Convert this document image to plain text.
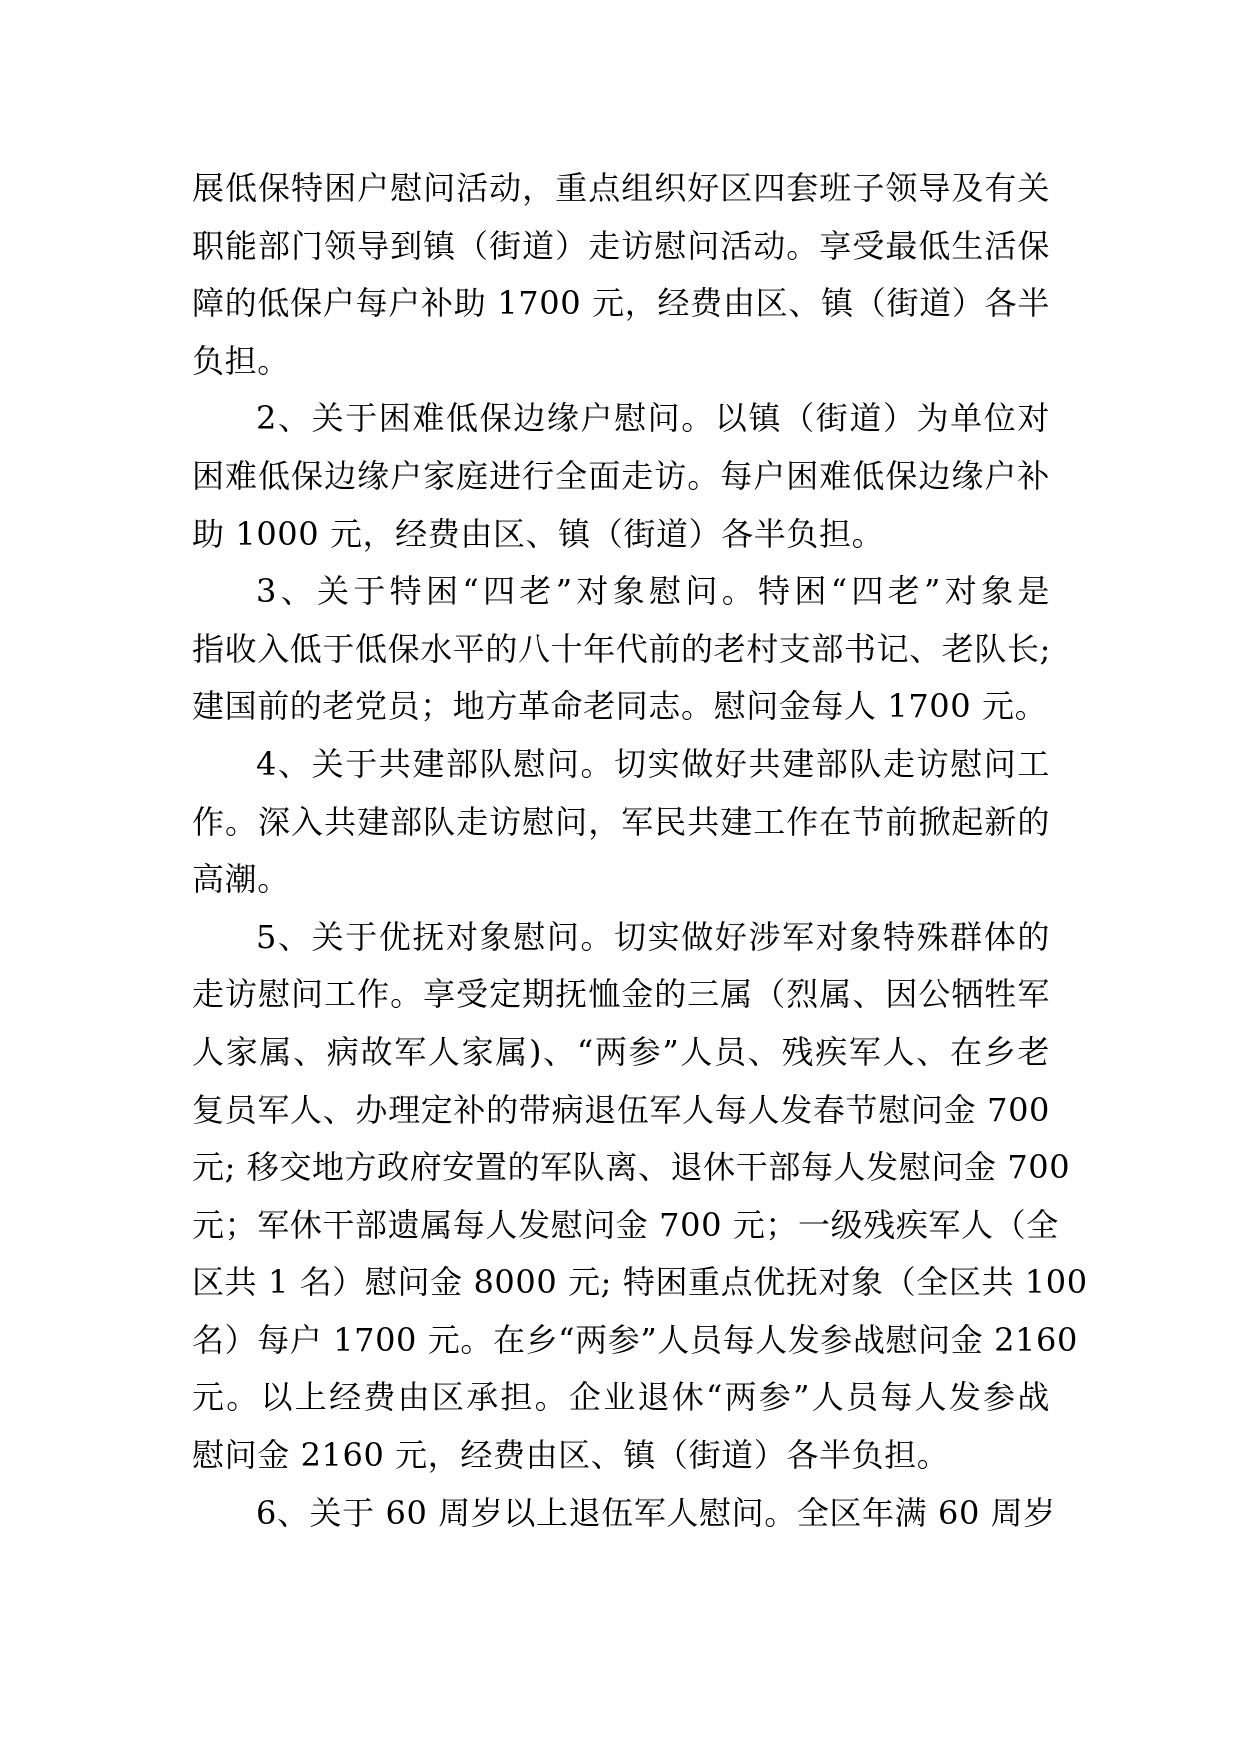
展低保特困户慰问活动，重点组织好区四套班子领导及有关
职能部门领导到镇（街道）走访慰问活动。享受最低生活保
障的低保户每户补助 1700 元，经费由区、镇（街道）各半
负担。
2、关于困难低保边缘户慰问。以镇（街道）为单位对
困难低保边缘户家庭进行全面走访。每户困难低保边缘户补
助 1000 元，经费由区、镇（街道）各半负担。
3、关于特困“四老”对象慰问。特困“四老”对象是
指收入低于低保水平的八十年代前的老村支部书记、老队长;
建国前的老党员；地方革命老同志。慰问金每人 1700 元。
4、关于共建部队慰问。切实做好共建部队走访慰问工
作。深入共建部队走访慰问，军民共建工作在节前掀起新的
高潮。
5、关于优抚对象慰问。切实做好涉军对象特殊群体的
走访慰问工作。享受定期抚恤金的三属（烈属、因公牺牲军
人家属、病故军人家属)、“两参”人员、残疾军人、在乡老
复员军人、办理定补的带病退伍军人每人发春节慰问金 700
元; 移交地方政府安置的军队离、退休干部每人发慰问金 700
元；军休干部遗属每人发慰问金 700 元；一级残疾军人（全
区共 1 名）慰问金 8000 元; 特困重点优抚对象（全区共 100
名）每户 1700 元。在乡“两参”人员每人发参战慰问金 2160
元。以上经费由区承担。企业退休“两参”人员每人发参战
慰问金 2160 元，经费由区、镇（街道）各半负担。
6、关于 60 周岁以上退伍军人慰问。全区年满 60 周岁
